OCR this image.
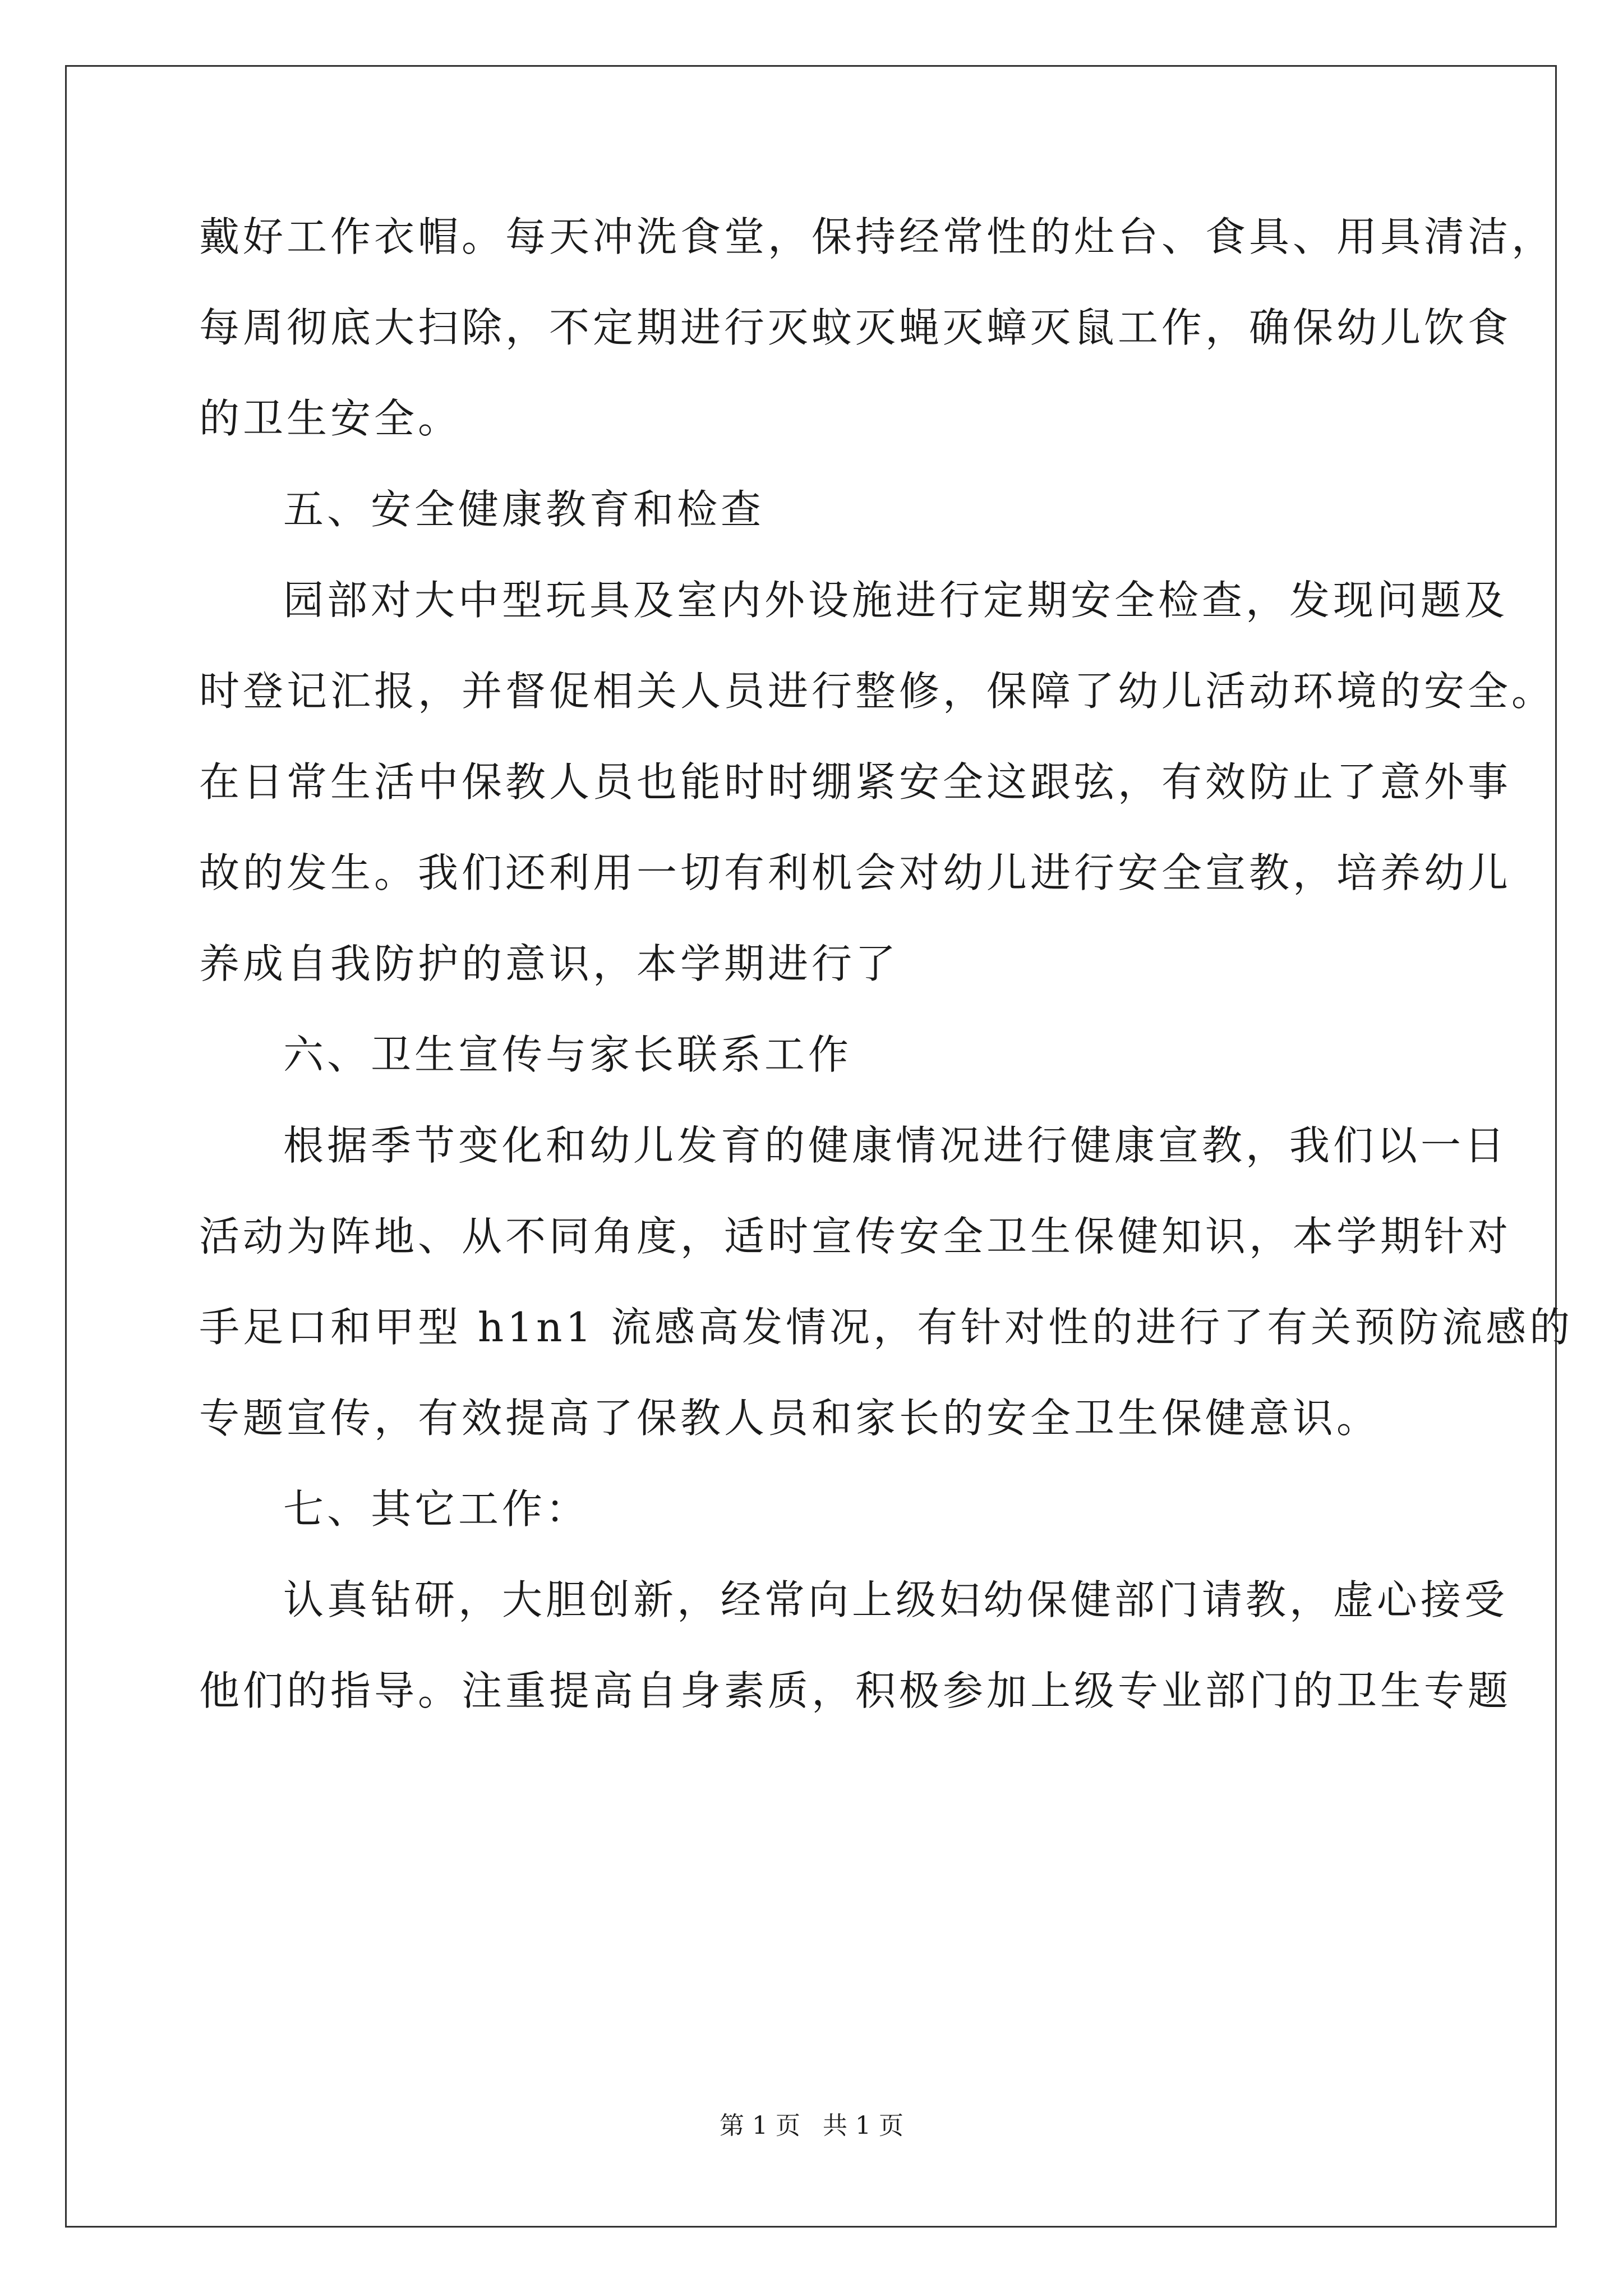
戴好工作衣帽。每天冲洗食堂，保持经常性的灶台、食具、用具清洁，
每周彻底大扫除，不定期进行灭蚊灭蝇灭蟑灭鼠工作，确保幼儿饮食
的卫生安全。
五、安全健康教育和检查
园部对大中型玩具及室内外设施进行定期安全检查，发现问题及
时登记汇报，并督促相关人员进行整修，保障了幼儿活动环境的安全。
在日常生活中保教人员也能时时绷紧安全这跟弦，有效防止了意外事
故的发生。我们还利用一切有利机会对幼儿进行安全宣教，培养幼儿
养成自我防护的意识，本学期进行了
六、卫生宣传与家长联系工作
根据季节变化和幼儿发育的健康情况进行健康宣教，我们以一日
活动为阵地、从不同角度，适时宣传安全卫生保健知识，本学期针对
手足口和甲型 h1n1 流感高发情况，有针对性的进行了有关预防流感的
专题宣传，有效提高了保教人员和家长的安全卫生保健意识。
七、其它工作：
认真钻研，大胆创新，经常向上级妇幼保健部门请教，虚心接受
他们的指导。注重提高自身素质，积极参加上级专业部门的卫生专题
第 1 页 共 1 页
